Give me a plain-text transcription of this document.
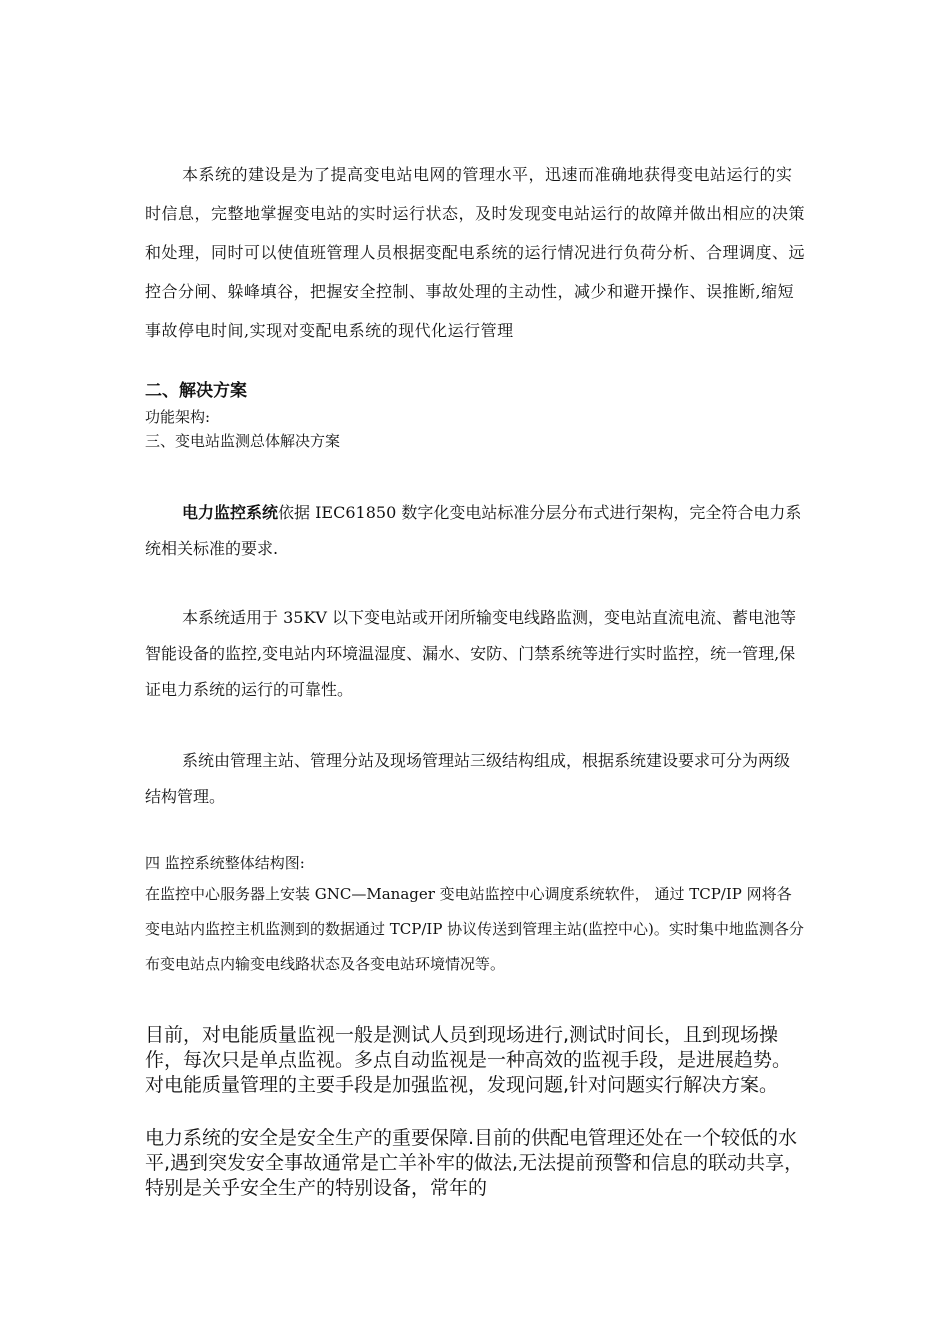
本系统的建设是为了提高变电站电网的管理水平，迅速而准确地获得变电站运行的实时信息，完整地掌握变电站的实时运行状态，及时发现变电站运行的故障并做出相应的决策和处理，同时可以使值班管理人员根据变配电系统的运行情况进行负荷分析、合理调度、远控合分闸、躲峰填谷，把握安全控制、事故处理的主动性，减少和避开操作、误推断,缩短事故停电时间,实现对变配电系统的现代化运行管理

二、解决方案
功能架构:
三、变电站监测总体解决方案

电力监控系统依据 IEC61850 数字化变电站标准分层分布式进行架构，完全符合电力系统相关标准的要求.

本系统适用于 35KV 以下变电站或开闭所输变电线路监测，变电站直流电流、蓄电池等智能设备的监控,变电站内环境温湿度、漏水、安防、门禁系统等进行实时监控，统一管理,保证电力系统的运行的可靠性。

系统由管理主站、管理分站及现场管理站三级结构组成，根据系统建设要求可分为两级结构管理。

四 监控系统整体结构图:

在监控中心服务器上安装 GNC—Manager 变电站监控中心调度系统软件， 通过 TCP/IP 网将各变电站内监控主机监测到的数据通过 TCP/IP 协议传送到管理主站(监控中心)。实时集中地监测各分布变电站点内输变电线路状态及各变电站环境情况等。

目前，对电能质量监视一般是测试人员到现场进行,测试时间长，且到现场操作，每次只是单点监视。多点自动监视是一种高效的监视手段，是进展趋势。对电能质量管理的主要手段是加强监视，发现问题,针对问题实行解决方案。

电力系统的安全是安全生产的重要保障.目前的供配电管理还处在一个较低的水平,遇到突发安全事故通常是亡羊补牢的做法,无法提前预警和信息的联动共享，特别是关乎安全生产的特别设备，常年的
